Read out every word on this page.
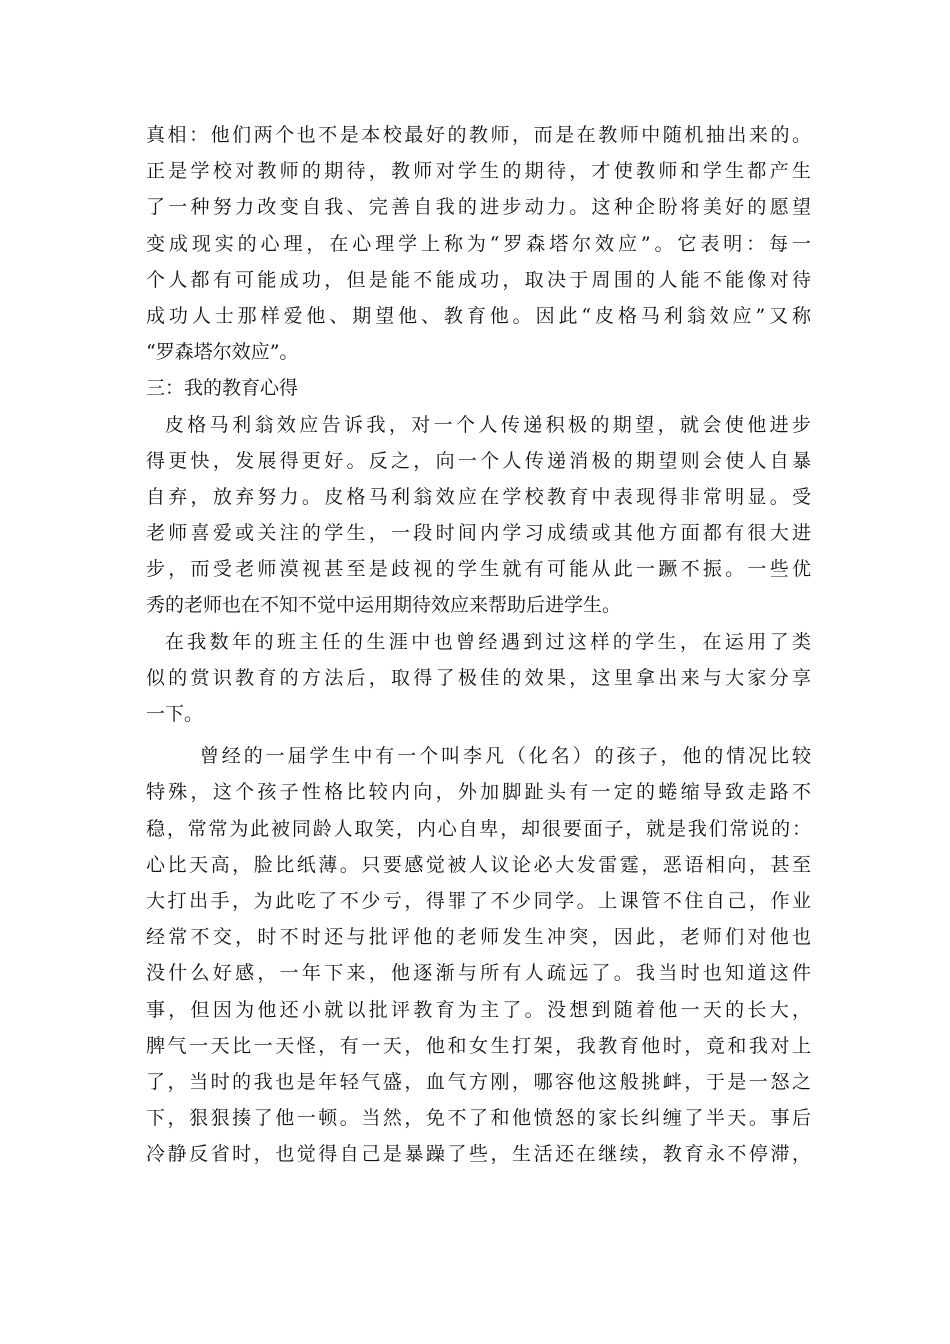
真相：他们两个也不是本校最好的教师，而是在教师中随机抽出来的。
正是学校对教师的期待，教师对学生的期待，才使教师和学生都产生
了一种努力改变自我、完善自我的进步动力。这种企盼将美好的愿望
变成现实的心理，在心理学上称为“罗森塔尔效应”。它表明：每一
个人都有可能成功，但是能不能成功，取决于周围的人能不能像对待
成功人士那样爱他、期望他、教育他。因此“皮格马利翁效应”又称
“罗森塔尔效应”。
三：我的教育心得
皮格马利翁效应告诉我，对一个人传递积极的期望，就会使他进步
得更快，发展得更好。反之，向一个人传递消极的期望则会使人自暴
自弃，放弃努力。皮格马利翁效应在学校教育中表现得非常明显。受
老师喜爱或关注的学生，一段时间内学习成绩或其他方面都有很大进
步，而受老师漠视甚至是歧视的学生就有可能从此一蹶不振。一些优
秀的老师也在不知不觉中运用期待效应来帮助后进学生。
在我数年的班主任的生涯中也曾经遇到过这样的学生，在运用了类
似的赏识教育的方法后，取得了极佳的效果，这里拿出来与大家分享
一下。
曾经的一届学生中有一个叫李凡（化名）的孩子，他的情况比较
特殊，这个孩子性格比较内向，外加脚趾头有一定的蜷缩导致走路不
稳，常常为此被同龄人取笑，内心自卑，却很要面子，就是我们常说的：
心比天高，脸比纸薄。只要感觉被人议论必大发雷霆，恶语相向，甚至
大打出手，为此吃了不少亏，得罪了不少同学。上课管不住自己，作业
经常不交，时不时还与批评他的老师发生冲突，因此，老师们对他也
没什么好感，一年下来，他逐渐与所有人疏远了。我当时也知道这件
事，但因为他还小就以批评教育为主了。没想到随着他一天的长大，
脾气一天比一天怪，有一天，他和女生打架，我教育他时，竟和我对上
了，当时的我也是年轻气盛，血气方刚，哪容他这般挑衅，于是一怒之
下，狠狠揍了他一顿。当然，免不了和他愤怒的家长纠缠了半天。事后
冷静反省时，也觉得自己是暴躁了些，生活还在继续，教育永不停滞，
